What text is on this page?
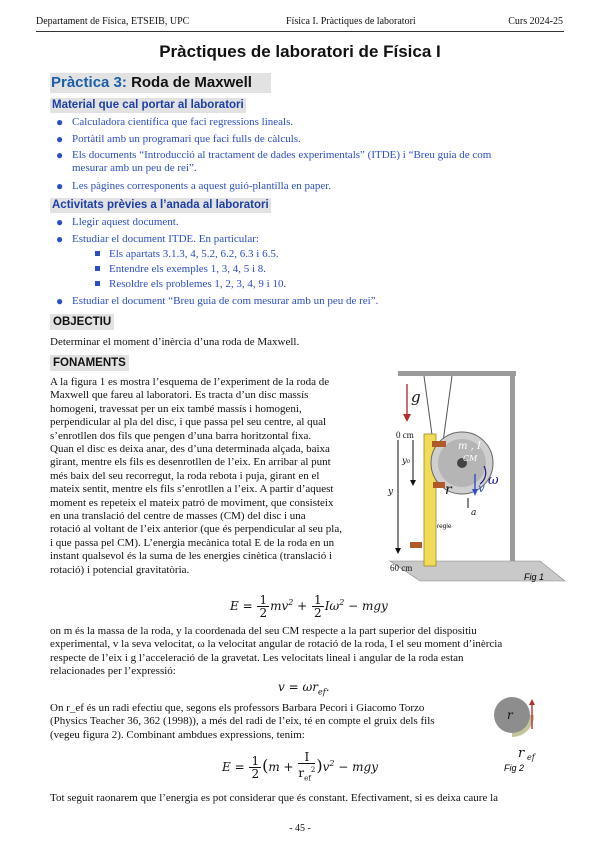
Departament de Física, ETSEIB, UPC	Física I. Pràctiques de laboratori	Curs 2024-25
Pràctiques de laboratori de Física I
Pràctica 3: Roda de Maxwell
Material que cal portar al laboratori
● Calculadora científica que faci regressions lineals.
● Portàtil amb un programari que faci fulls de càlculs.
● Els documents “Introducció al tractament de dades experimentals” (ITDE) i “Breu guia de com
mesurar amb un peu de rei”.
● Les pàgines corresponents a aquest guió-plantilla en paper.
Activitats prèvies a l’anada al laboratori
● Llegir aquest document.
● Estudiar el document ITDE. En particular:
Els apartats 3.1.3, 4, 5.2, 6.2, 6.3 i 6.5.
Entendre els exemples 1, 3, 4, 5 i 8.
Resoldre els problemes 1, 2, 3, 4, 9 i 10.
● Estudiar el document “Breu guia de com mesurar amb un peu de rei”.
OBJECTIU
Determinar el moment d’inèrcia d’una roda de Maxwell.
FONAMENTS
A la figura 1 es mostra l’esquema de l’experiment de la roda de
Maxwell que fareu al laboratori. Es tracta d’un disc massís
homogeni, travessat per un eix també massís i homogeni,
perpendicular al pla del disc, i que passa pel seu centre, al qual
s’enrotllen dos fils que pengen d’una barra horitzontal fixa.
Quan el disc es deixa anar, des d’una determinada alçada, baixa
girant, mentre els fils es desenrotllen de l’eix. En arribar al punt
més baix del seu recorregut, la roda rebota i puja, girant en el
mateix sentit, mentre els fils s’enrotllen a l’eix. A partir d’aquest
moment es repeteix el mateix patró de moviment, que consisteix
en una translació del centre de masses (CM) del disc i una
rotació al voltant de l’eix anterior (que és perpendicular al seu pla,
i que passa pel CM). L’energia mecànica total E de la roda en un
instant qualsevol és la suma de les energies cinètica (translació i
rotació) i potencial gravitatòria.
g
y₀
y
0 cm
60 cm
m , I
CM
r
ω
v
a
regle
Fig 1
$E = \frac{1}{2} mv^2 + \frac{1}{2} I\omega^2$ − mgy
on m és la massa de la roda, y la coordenada del seu CM respecte a la part superior del dispositiu
experimental, v la seva velocitat, ω la velocitat angular de rotació de la roda, I el seu moment d’inèrcia
respecte de l’eix i g l’acceleració de la gravetat. Les velocitats lineal i angular de la roda estan
relacionades per l’expressió:
$v = \omega r_{ef}$.
On r_ef és un radi efectiu que, segons els professors Barbara Pecori i Giacomo Torzo
(Physics Teacher 36, 362 (1998)), a més del radi de l’eix, té en compte el gruix dels fils
(vegeu figura 2). Combinant ambdues expressions, tenim:
r
r ef
Fig 2
$E = \frac{1}{2} (m + \frac{I}{r_{ef}^2} )v^2$ − mgy
Tot seguit raonarem que l’energia es pot considerar que és constant. Efectivament, si es deixa caure la
- 45 -
